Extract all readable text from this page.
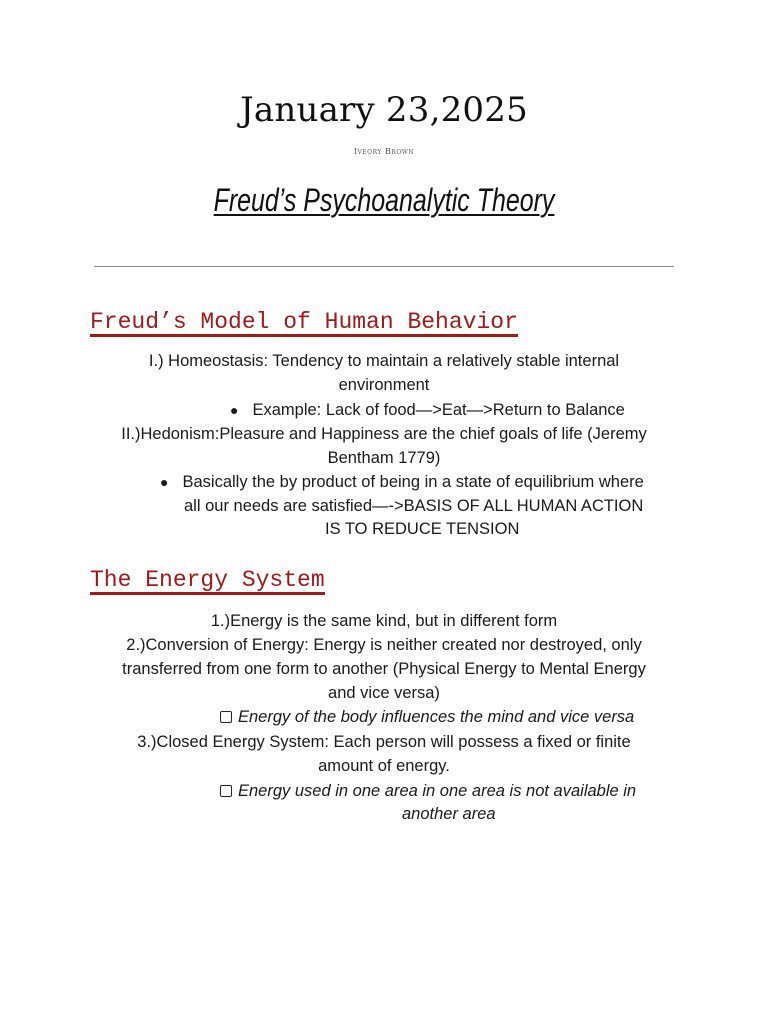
January 23,2025
Iveory Brown
Freud’s Psychoanalytic Theory
Freud’s Model of Human Behavior
I.) Homeostasis: Tendency to maintain a relatively stable internal
environment
● Example: Lack of food—>Eat—>Return to Balance
II.)Hedonism:Pleasure and Happiness are the chief goals of life (Jeremy
Bentham 1779)
● Basically the by product of being in a state of equilibrium where
all our needs are satisfied—->BASIS OF ALL HUMAN ACTION
IS TO REDUCE TENSION
The Energy System
1.)Energy is the same kind, but in different form
2.)Conversion of Energy: Energy is neither created nor destroyed, only
transferred from one form to another (Physical Energy to Mental Energy
and vice versa)
Energy of the body influences the mind and vice versa
3.)Closed Energy System: Each person will possess a fixed or finite
amount of energy.
Energy used in one area in one area is not available in
another area
